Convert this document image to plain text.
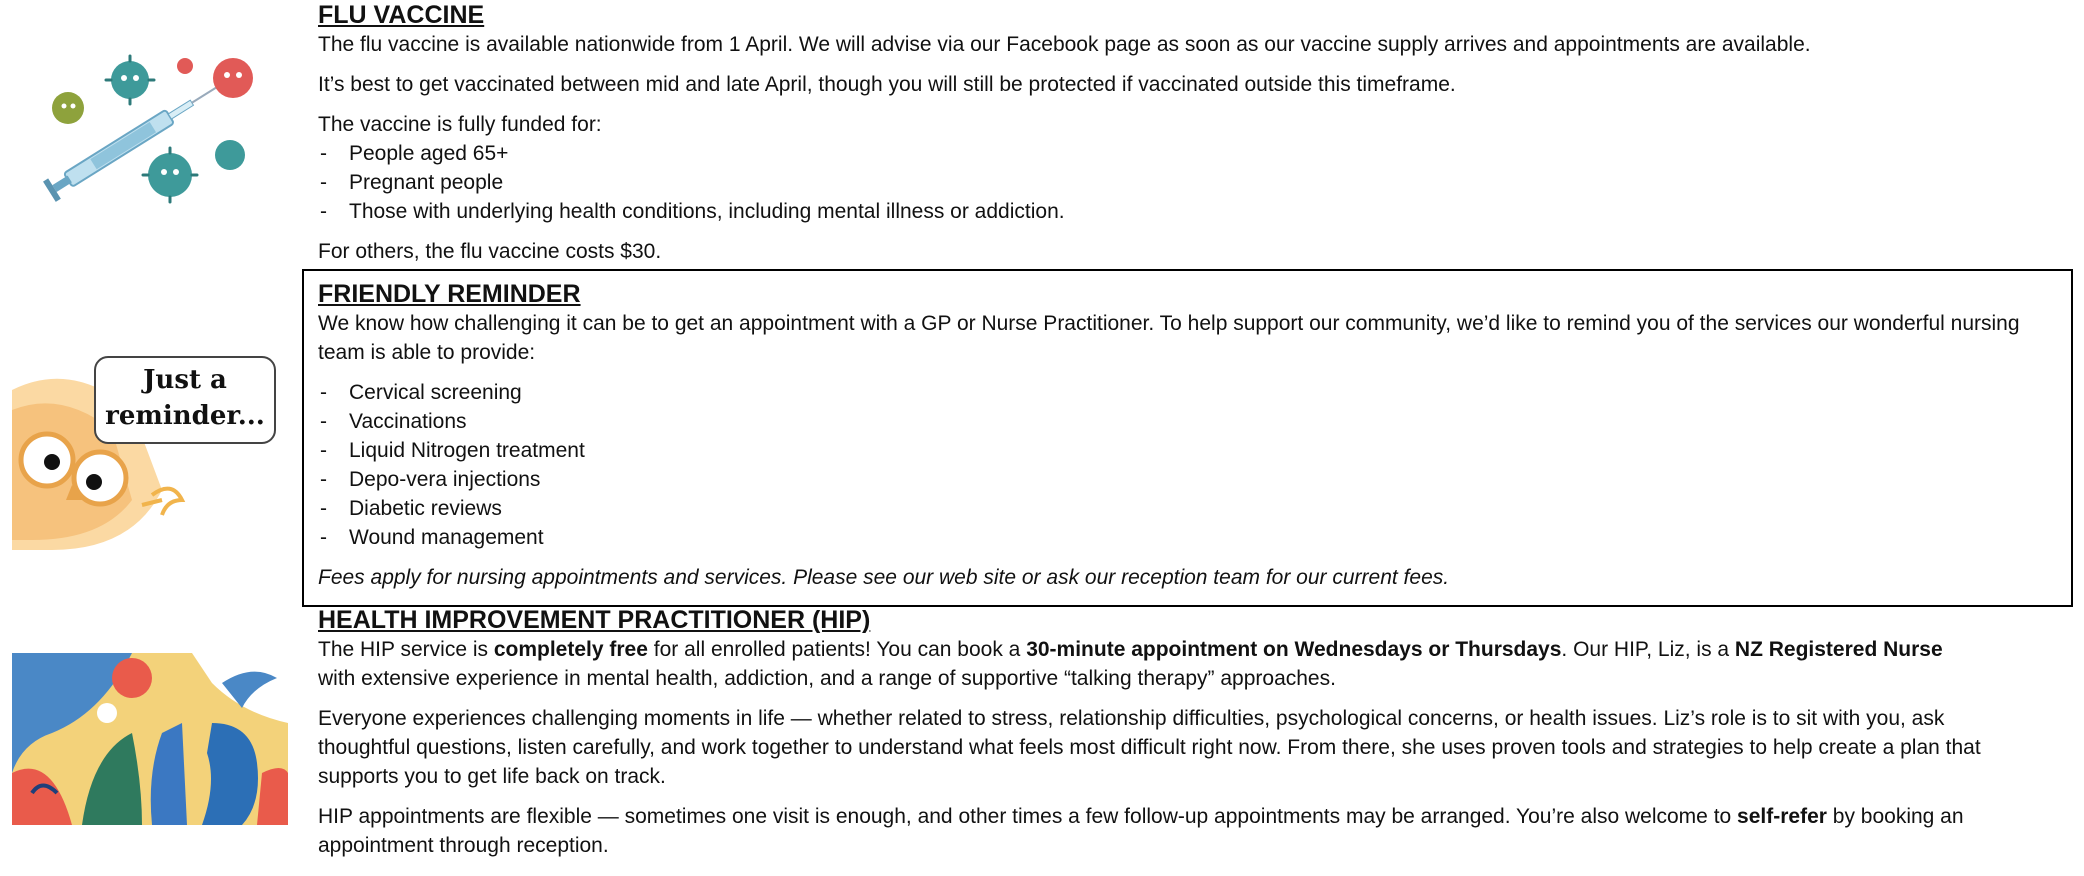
FLU VACCINE

The flu vaccine is available nationwide from 1 April. We will advise via our Facebook page as soon as our vaccine supply arrives and appointments are available.

It’s best to get vaccinated between mid and late April, though you will still be protected if vaccinated outside this timeframe.

The vaccine is fully funded for:

- People aged 65+
- Pregnant people
- Those with underlying health conditions, including mental illness or addiction.

For others, the flu vaccine costs $30.

Just a
reminder...
FRIENDLY REMINDER

We know how challenging it can be to get an appointment with a GP or Nurse Practitioner. To help support our community, we’d like to remind you of the services our wonderful nursing team is able to provide:

- Cervical screening
- Vaccinations
- Liquid Nitrogen treatment
- Depo-vera injections
- Diabetic reviews
- Wound management

Fees apply for nursing appointments and services. Please see our web site or ask our reception team for our current fees.

HEALTH IMPROVEMENT PRACTITIONER (HIP)

The HIP service is completely free for all enrolled patients! You can book a 30-minute appointment on Wednesdays or Thursdays. Our HIP, Liz, is a NZ Registered Nurse with extensive experience in mental health, addiction, and a range of supportive “talking therapy” approaches.

Everyone experiences challenging moments in life — whether related to stress, relationship difficulties, psychological concerns, or health issues. Liz’s role is to sit with you, ask thoughtful questions, listen carefully, and work together to understand what feels most difficult right now. From there, she uses proven tools and strategies to help create a plan that supports you to get life back on track.

HIP appointments are flexible — sometimes one visit is enough, and other times a few follow-up appointments may be arranged. You’re also welcome to self-refer by booking an appointment through reception.
